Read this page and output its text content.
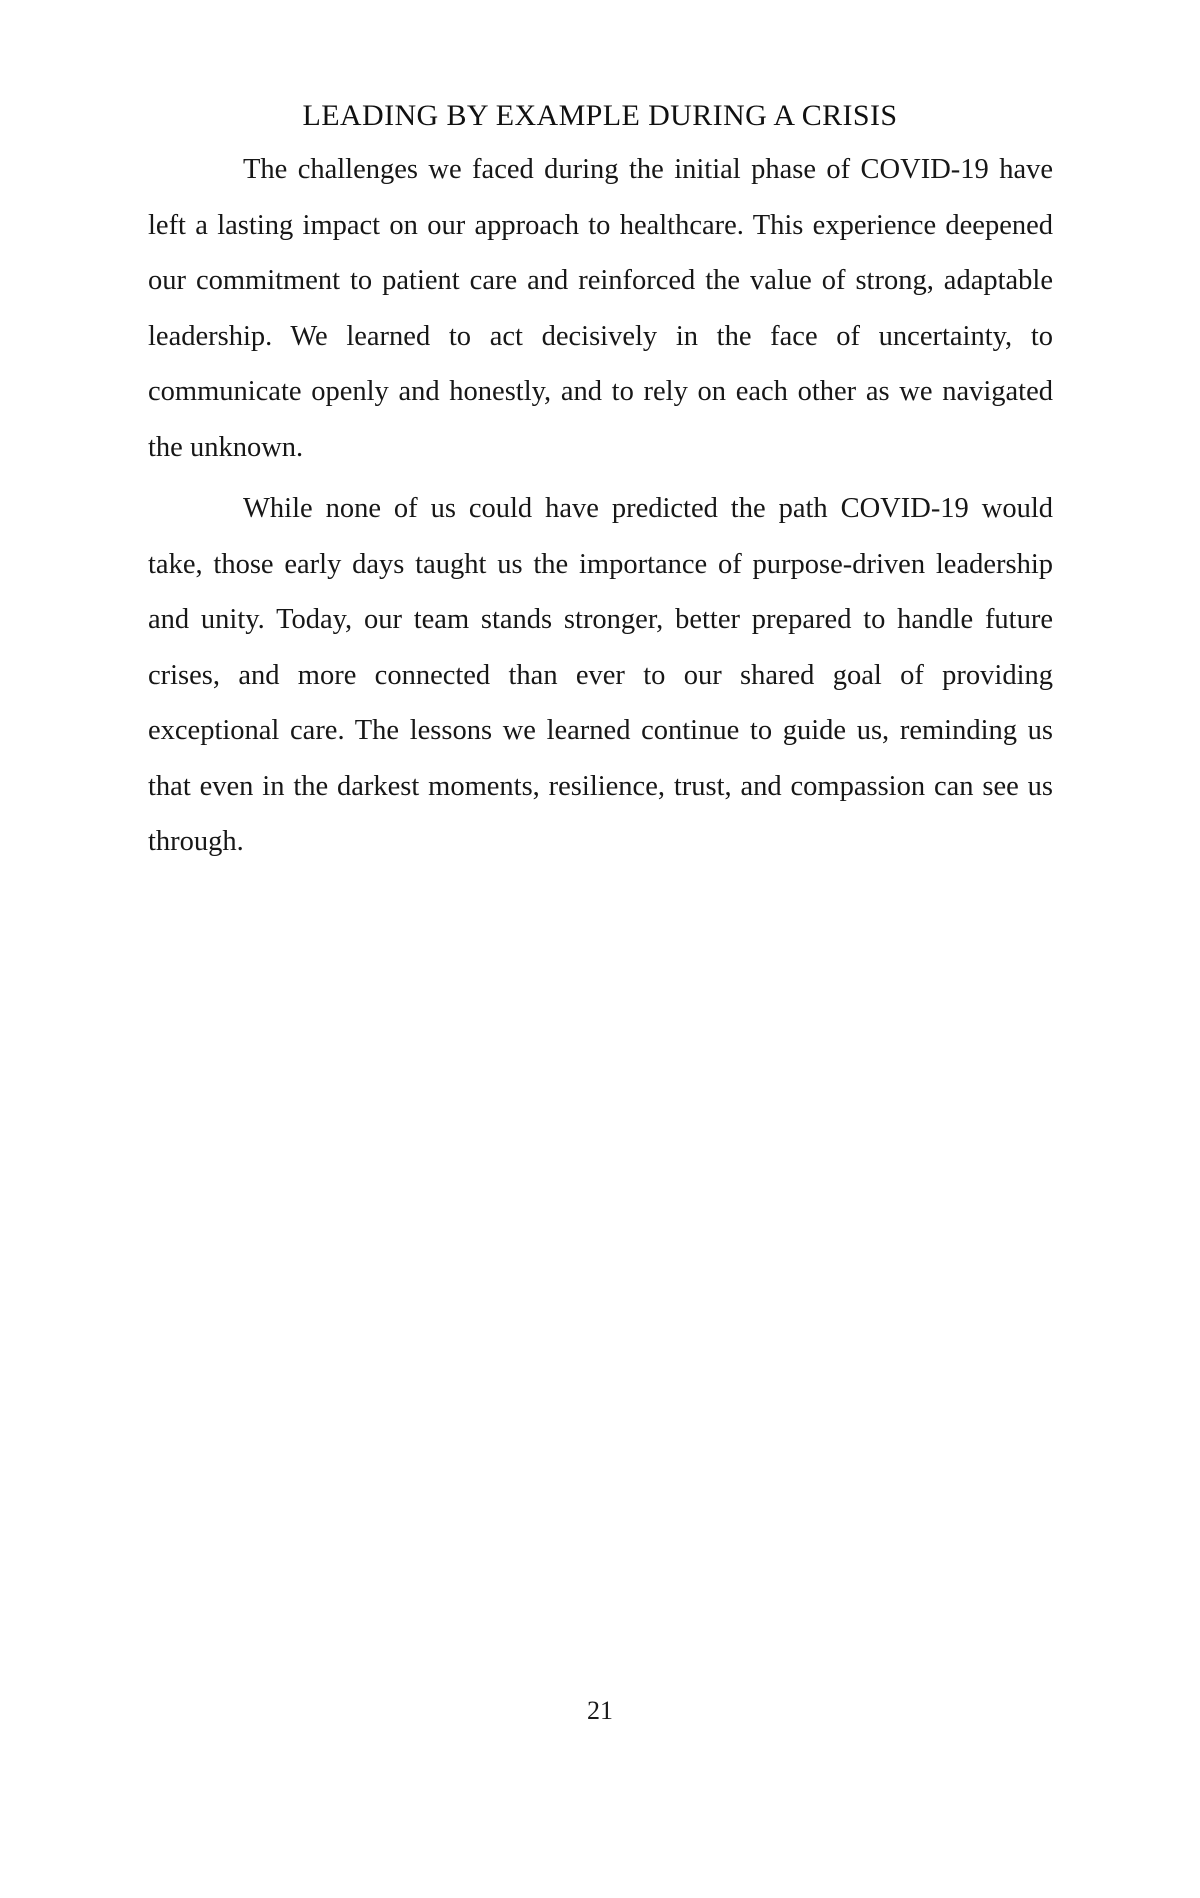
LEADING BY EXAMPLE DURING A CRISIS

The challenges we faced during the initial phase of COVID-19 have left a lasting impact on our approach to healthcare. This experience deepened our commitment to patient care and reinforced the value of strong, adaptable leadership. We learned to act decisively in the face of uncertainty, to communicate openly and honestly, and to rely on each other as we navigated the unknown.

While none of us could have predicted the path COVID-19 would take, those early days taught us the importance of purpose-driven leadership and unity. Today, our team stands stronger, better prepared to handle future crises, and more connected than ever to our shared goal of providing exceptional care. The lessons we learned continue to guide us, reminding us that even in the darkest moments, resilience, trust, and compassion can see us through.

21
